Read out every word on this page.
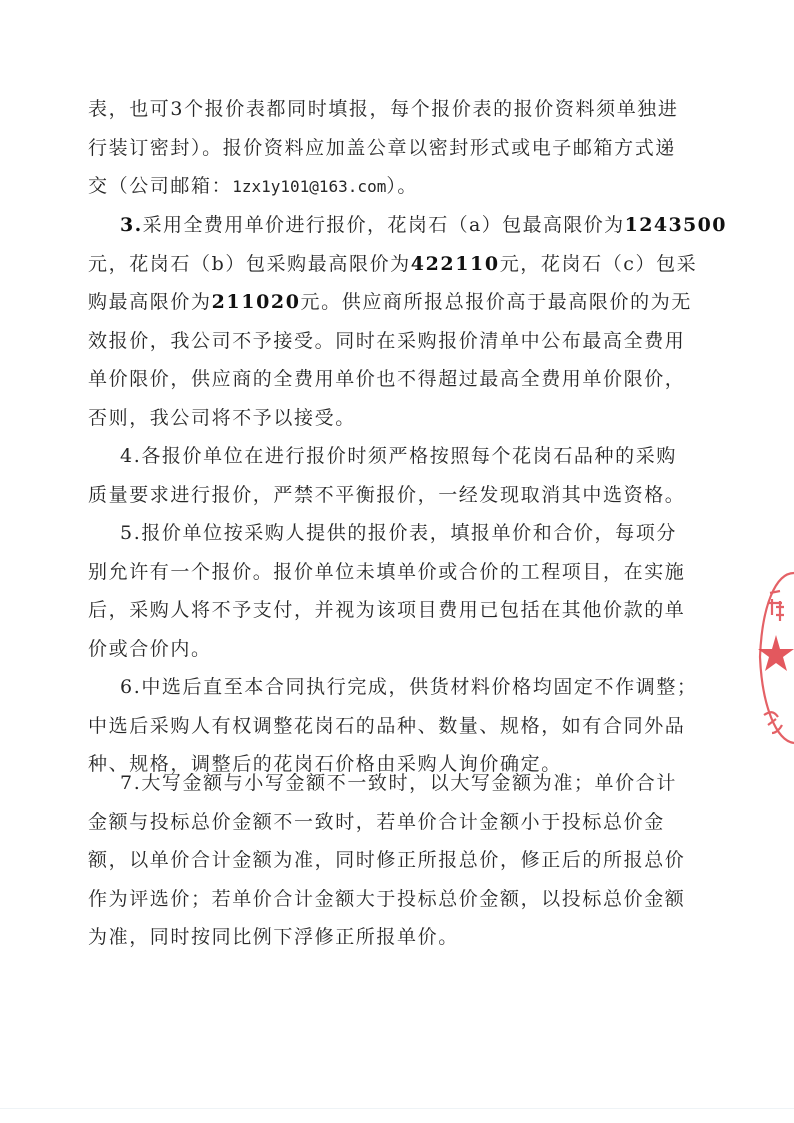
表，也可3个报价表都同时填报，每个报价表的报价资料须单独进
行装订密封）。报价资料应加盖公章以密封形式或电子邮箱方式递
交（公司邮箱：1zx1y101@163.com）。

3.采用全费用单价进行报价，花岗石（a）包最高限价为1243500
元，花岗石（b）包采购最高限价为422110元，花岗石（c）包采
购最高限价为211020元。供应商所报总报价高于最高限价的为无
效报价，我公司不予接受。同时在采购报价清单中公布最高全费用
单价限价，供应商的全费用单价也不得超过最高全费用单价限价，
否则，我公司将不予以接受。

4.各报价单位在进行报价时须严格按照每个花岗石品种的采购
质量要求进行报价，严禁不平衡报价，一经发现取消其中选资格。

5.报价单位按采购人提供的报价表，填报单价和合价，每项分
别允许有一个报价。报价单位未填单价或合价的工程项目，在实施
后，采购人将不予支付，并视为该项目费用已包括在其他价款的单
价或合价内。

6.中选后直至本合同执行完成，供货材料价格均固定不作调整；
中选后采购人有权调整花岗石的品种、数量、规格，如有合同外品
种、规格，调整后的花岗石价格由采购人询价确定。

7.大写金额与小写金额不一致时，以大写金额为准；单价合计
金额与投标总价金额不一致时，若单价合计金额小于投标总价金
额，以单价合计金额为准，同时修正所报总价，修正后的所报总价
作为评选价；若单价合计金额大于投标总价金额，以投标总价金额
为准，同时按同比例下浮修正所报单价。
